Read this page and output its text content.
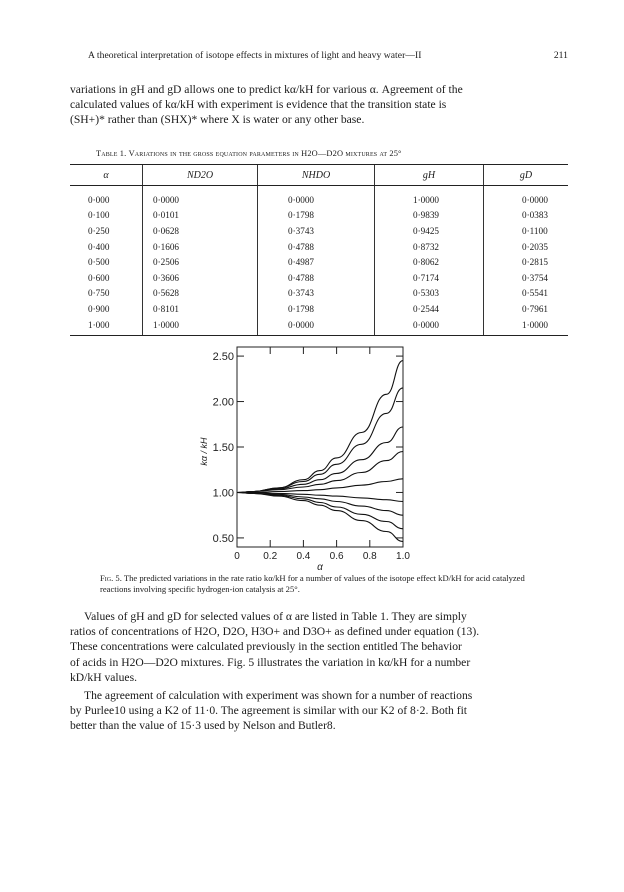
A theoretical interpretation of isotope effects in mixtures of light and heavy water—II	211

variations in gH and gD allows one to predict kα/kH for various α. Agreement of the
calculated values of kα/kH with experiment is evidence that the transition state is
(SH+)* rather than (SHX)* where X is water or any other base.

Table 1. Variations in the gross equation parameters in H2O—D2O mixtures at 25°
α	ND2O	NHDO	gH	gD
0·000	0·0000	0·0000	1·0000	0·0000
0·100	0·0101	0·1798	0·9839	0·0383
0·250	0·0628	0·3743	0·9425	0·1100
0·400	0·1606	0·4788	0·8732	0·2035
0·500	0·2506	0·4987	0·8062	0·2815
0·600	0·3606	0·4788	0·7174	0·3754
0·750	0·5628	0·3743	0·5303	0·5541
0·900	0·8101	0·1798	0·2544	0·7961
1·000	1·0000	0·0000	0·0000	1·0000
0.50
1.00
1.50
2.00
2.50
0 0.2 0.4 0.6 0.8 1.0
α
kα / kH

Fig. 5. The predicted variations in the rate ratio kα/kH for a number of values of the isotope effect kD/kH for acid catalyzed reactions involving specific hydrogen-ion catalysis at 25°.

Values of gH and gD for selected values of α are listed in Table 1. They are simply
ratios of concentrations of H2O, D2O, H3O+ and D3O+ as defined under equation (13).
These concentrations were calculated previously in the section entitled The behavior
of acids in H2O—D2O mixtures. Fig. 5 illustrates the variation in kα/kH for a number
kD/kH values.

The agreement of calculation with experiment was shown for a number of reactions
by Purlee10 using a K2 of 11·0. The agreement is similar with our K2 of 8·2. Both fit
better than the value of 15·3 used by Nelson and Butler8.
